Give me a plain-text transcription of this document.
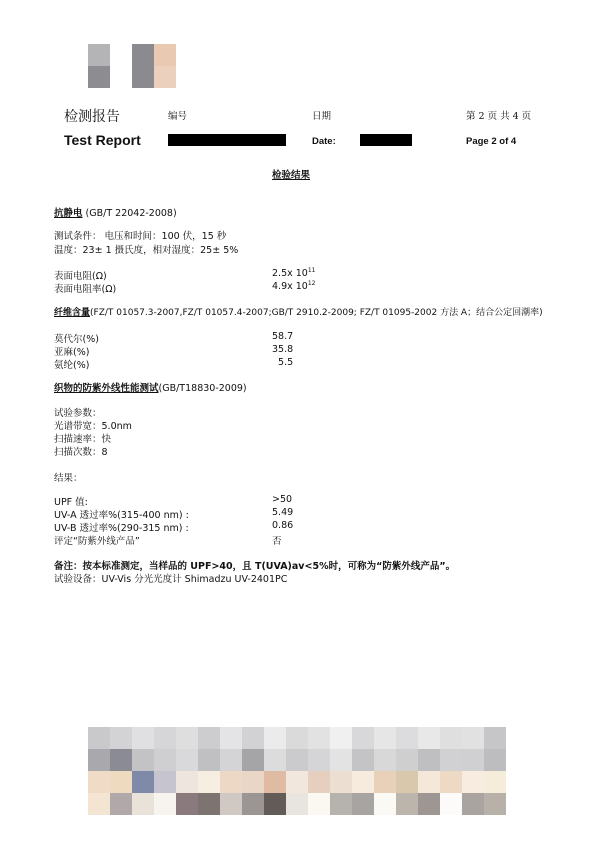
检测报告	编号	日期	第 2 页 共 4 页
Test Report	Date:	Page 2 of 4
检验结果
抗静电 (GB/T 22042-2008)
测试条件： 电压和时间：100 伏，15 秒
温度：23± 1 摄氏度，相对湿度：25± 5%
表面电阻(Ω)	2.5x $10^{11}$
表面电阻率(Ω)	4.9x $10^{12}$
纤维含量(FZ/T 01057.3-2007,FZ/T 01057.4-2007;GB/T 2910.2-2009; FZ/T 01095-2002 方法 A；结合公定回潮率)
莫代尔(%)	58.7
亚麻(%)	35.8
氨纶(%)	5.5
织物的防紫外线性能测试(GB/T18830-2009)
试验参数：
光谱带宽：5.0nm
扫描速率：快
扫描次数：8
结果：
UPF 值:	>50
UV-A 透过率%(315-400 nm) :	5.49
UV-B 透过率%(290-315 nm) :	0.86
评定“防紫外线产品”	否
备注：按本标准测定，当样品的 UPF>40，且 T(UVA)av<5%时，可称为“防紫外线产品”。
试验设备：UV-Vis 分光光度计 Shimadzu UV-2401PC
